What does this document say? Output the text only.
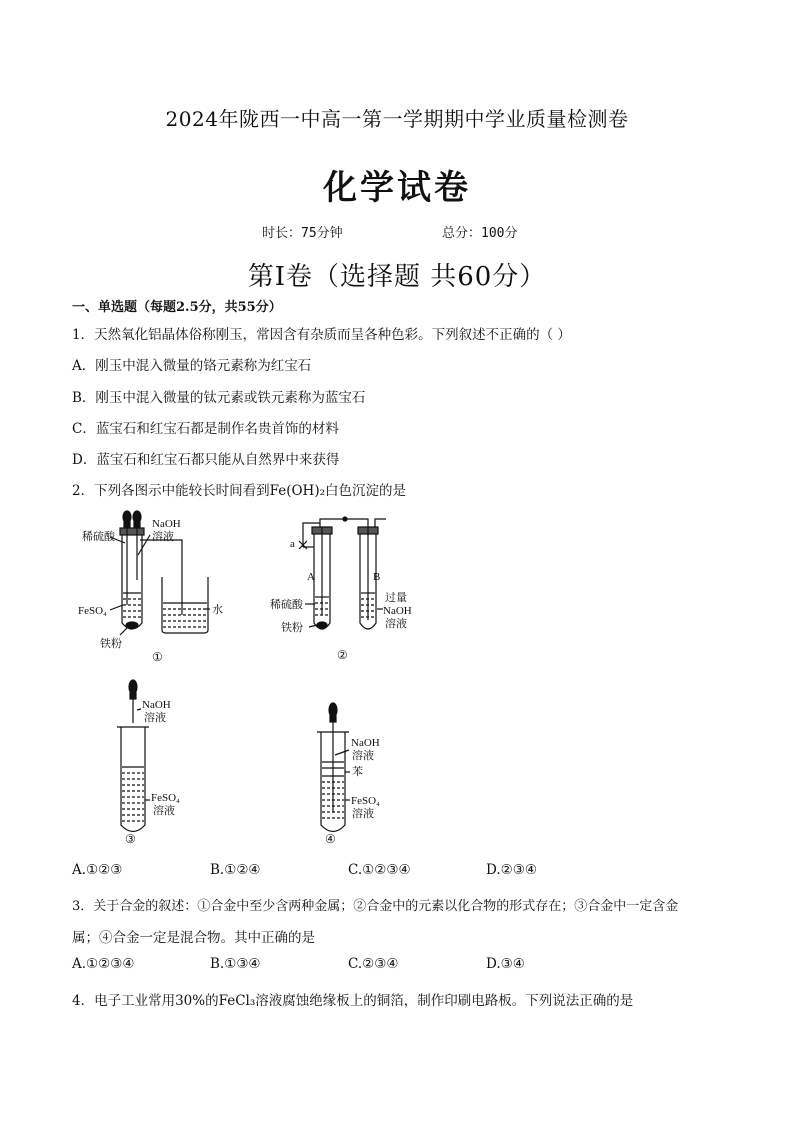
2024年陇西一中高一第一学期期中学业质量检测卷
化学试卷
时长：75分钟	总分：100分
第Ⅰ卷（选择题 共60分）
一、单选题（每题2.5分，共55分）
1．天然氧化铝晶体俗称刚玉，常因含有杂质而呈各种色彩。下列叙述不正确的（ ）
A．刚玉中混入微量的铬元素称为红宝石
B．刚玉中混入微量的钛元素或铁元素称为蓝宝石
C．蓝宝石和红宝石都是制作名贵首饰的材料
D．蓝宝石和红宝石都只能从自然界中来获得
2．下列各图示中能较长时间看到Fe(OH)₂白色沉淀的是
稀硫酸
NaOH
溶液
FeSO₄	水
铁粉
①
a
A	B
稀硫酸
铁粉
过量
NaOH
溶液
②
NaOH
溶液
FeSO₄
溶液
③
NaOH
溶液
苯
FeSO₄
溶液
④
A.①②③	B.①②④	C.①②③④	D.②③④
3．关于合金的叙述：①合金中至少含两种金属；②合金中的元素以化合物的形式存在；③合金中一定含金
属；④合金一定是混合物。其中正确的是
A.①②③④	B.①③④	C.②③④	D.③④
4．电子工业常用30%的FeCl₃溶液腐蚀绝缘板上的铜箔，制作印刷电路板。下列说法正确的是
